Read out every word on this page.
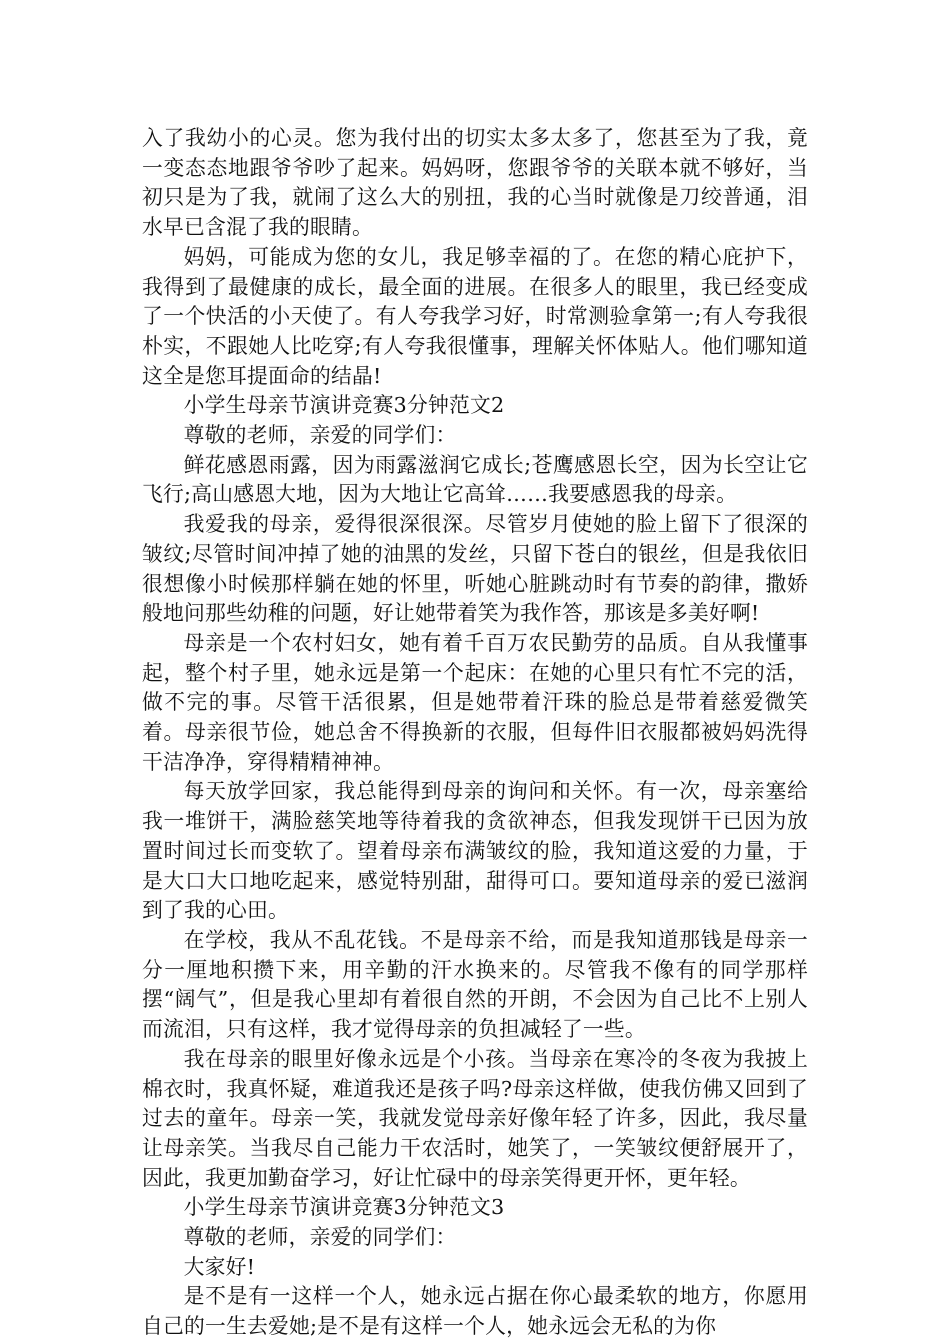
入了我幼小的心灵。您为我付出的切实太多太多了，您甚至为了我，竟一变态态地跟爷爷吵了起来。妈妈呀，您跟爷爷的关联本就不够好，当初只是为了我，就闹了这么大的别扭，我的心当时就像是刀绞普通，泪水早已含混了我的眼睛。

妈妈，可能成为您的女儿，我足够幸福的了。在您的精心庇护下，我得到了最健康的成长，最全面的进展。在很多人的眼里，我已经变成了一个快活的小天使了。有人夸我学习好，时常测验拿第一;有人夸我很朴实，不跟她人比吃穿;有人夸我很懂事，理解关怀体贴人。他们哪知道这全是您耳提面命的结晶!

小学生母亲节演讲竞赛3分钟范文2

尊敬的老师，亲爱的同学们：

鲜花感恩雨露，因为雨露滋润它成长;苍鹰感恩长空，因为长空让它飞行;高山感恩大地，因为大地让它高耸……我要感恩我的母亲。

我爱我的母亲，爱得很深很深。尽管岁月使她的脸上留下了很深的皱纹;尽管时间冲掉了她的油黑的发丝，只留下苍白的银丝，但是我依旧很想像小时候那样躺在她的怀里，听她心脏跳动时有节奏的韵律，撒娇般地问那些幼稚的问题，好让她带着笑为我作答，那该是多美好啊!

母亲是一个农村妇女，她有着千百万农民勤劳的品质。自从我懂事起，整个村子里，她永远是第一个起床：在她的心里只有忙不完的活，做不完的事。尽管干活很累，但是她带着汗珠的脸总是带着慈爱微笑着。母亲很节俭，她总舍不得换新的衣服，但每件旧衣服都被妈妈洗得干洁净净，穿得精精神神。

每天放学回家，我总能得到母亲的询问和关怀。有一次，母亲塞给我一堆饼干，满脸慈笑地等待着我的贪欲神态，但我发现饼干已因为放置时间过长而变软了。望着母亲布满皱纹的脸，我知道这爱的力量，于是大口大口地吃起来，感觉特别甜，甜得可口。要知道母亲的爱已滋润到了我的心田。

在学校，我从不乱花钱。不是母亲不给，而是我知道那钱是母亲一分一厘地积攒下来，用辛勤的汗水换来的。尽管我不像有的同学那样摆“阔气”，但是我心里却有着很自然的开朗，不会因为自己比不上别人而流泪，只有这样，我才觉得母亲的负担减轻了一些。

我在母亲的眼里好像永远是个小孩。当母亲在寒冷的冬夜为我披上棉衣时，我真怀疑，难道我还是孩子吗?母亲这样做，使我仿佛又回到了过去的童年。母亲一笑，我就发觉母亲好像年轻了许多，因此，我尽量让母亲笑。当我尽自己能力干农活时，她笑了，一笑皱纹便舒展开了，因此，我更加勤奋学习，好让忙碌中的母亲笑得更开怀，更年轻。

小学生母亲节演讲竞赛3分钟范文3

尊敬的老师，亲爱的同学们：

大家好!

是不是有一这样一个人，她永远占据在你心最柔软的地方，你愿用自己的一生去爱她;是不是有这样一个人，她永远会无私的为你
